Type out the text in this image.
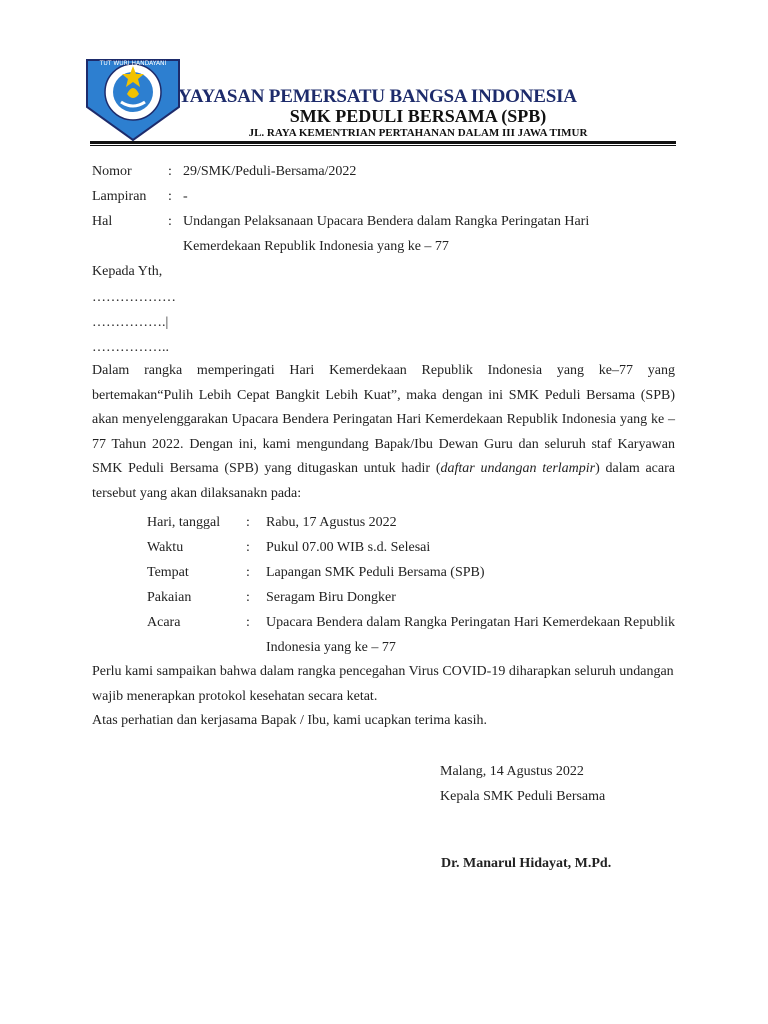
TUT WURI HANDAYANI
YAYASAN PEMERSATU BANGSA INDONESIA
SMK PEDULI BERSAMA (SPB)
JL. RAYA KEMENTRIAN PERTAHANAN DALAM III JAWA TIMUR
Nomor	: 29/SMK/Peduli-Bersama/2022
Lampiran : -
Hal	: Undangan Pelaksanaan Upacara Bendera dalam Rangka Peringatan Hari
Kemerdekaan Republik Indonesia yang ke – 77
Kepada Yth,
………………
…………….|
……………..
Dalam rangka memperingati Hari Kemerdekaan Republik Indonesia yang ke–77 yang bertemakan“Pulih Lebih Cepat Bangkit Lebih Kuat”, maka dengan ini SMK Peduli Bersama (SPB) akan menyelenggarakan Upacara Bendera Peringatan Hari Kemerdekaan Republik Indonesia yang ke – 77 Tahun 2022. Dengan ini, kami mengundang Bapak/Ibu Dewan Guru dan seluruh staf Karyawan SMK Peduli Bersama (SPB) yang ditugaskan untuk hadir (daftar undangan terlampir) dalam acara tersebut yang akan dilaksanakn pada:
Hari, tanggal : Rabu, 17 Agustus 2022
Waktu	: Pukul 07.00 WIB s.d. Selesai
Tempat	: Lapangan SMK Peduli Bersama (SPB)
Pakaian	: Seragam Biru Dongker
Acara	: Upacara Bendera dalam Rangka Peringatan Hari Kemerdekaan Republik Indonesia yang ke – 77
Perlu kami sampaikan bahwa dalam rangka pencegahan Virus COVID-19 diharapkan seluruh undangan wajib menerapkan protokol kesehatan secara ketat.
Atas perhatian dan kerjasama Bapak / Ibu, kami ucapkan terima kasih.
Malang, 14 Agustus 2022
Kepala SMK Peduli Bersama
Dr. Manarul Hidayat, M.Pd.
